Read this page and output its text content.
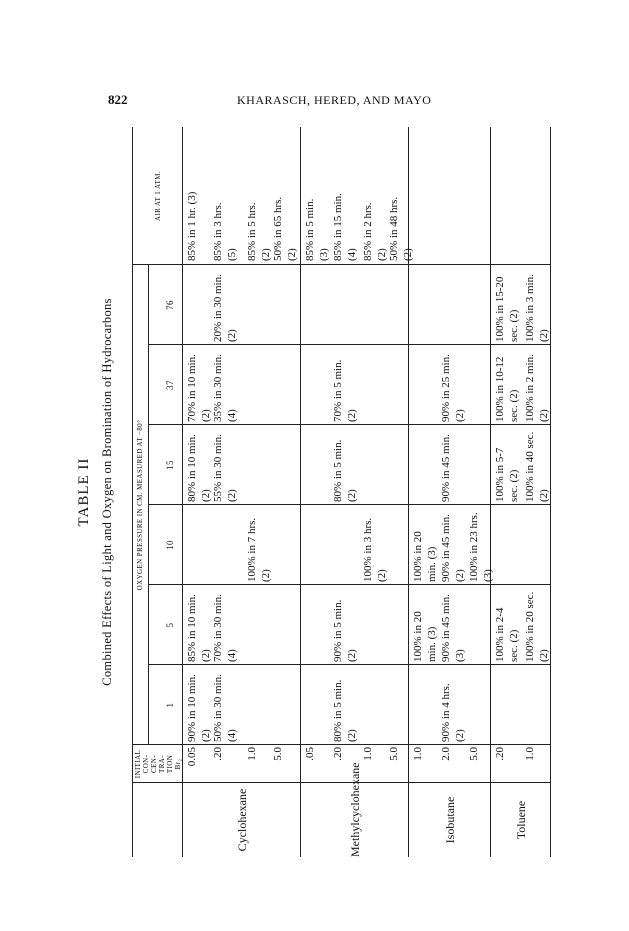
822	KHARASCH, HERED, AND MAYO
TABLE II Combined Effects of Light and Oxygen on Bromination of Hydrocarbons
INITIAL CON- CEN- TRA- TION Br₂
OXYGEN PRESSURE IN CM. MEASURED AT −80°
AIR AT 1 ATM.
1
5
10
15
37
76
Cyclohexane
0.05
90% in 10 min. (2)
85% in 10 min. (2)
80% in 10 min. (2)
70% in 10 min. (2)
85% in 1 hr. (3)
.20
50% in 30 min. (4)
70% in 30 min. (4)
55% in 30 min. (2)
35% in 30 min. (4)
20% in 30 min. (2)
85% in 3 hrs. (5)
1.0
100% in 7 hrs. (2)
85% in 5 hrs. (2)
5.0
50% in 65 hrs. (2)
Methylcyclohexane
.05
85% in 5 min. (3)
.20
80% in 5 min. (2)
90% in 5 min. (2)
80% in 5 min. (2)
70% in 5 min. (2)
85% in 15 min. (4)
1.0
100% in 3 hrs. (2)
85% in 2 hrs. (2)
5.0
50% in 48 hrs. (2)
Isobutane
1.0
100% in 20 min. (3)
100% in 20 min. (3)
2.0
90% in 4 hrs. (2)
90% in 45 min. (3)
90% in 45 min. (2)
90% in 45 min.
90% in 25 min. (2)
5.0
100% in 23 hrs. (3)
Toluene
.20
100% in 2-4 sec. (2)
100% in 5-7 sec. (2)
100% in 10-12 sec. (2)
100% in 15-20 sec. (2)
1.0
100% in 20 sec. (2)
100% in 40 sec. (2)
100% in 2 min. (2)
100% in 3 min. (2)
